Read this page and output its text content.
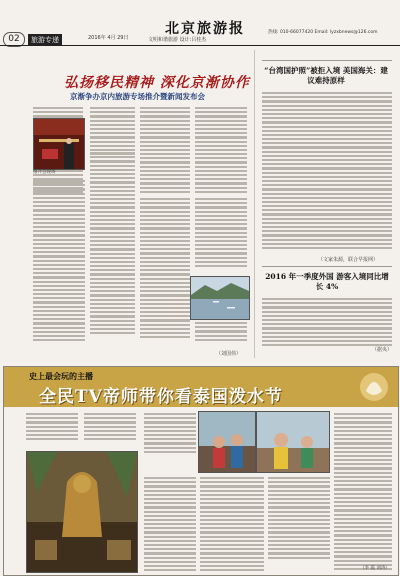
02	旅游专递	2016年 4月 29日
北京旅游报
文明和谐旅游 设计:吕桂杰
热线: 010-66077420 Email: lyzxbnews@126.com
弘扬移民精神 深化京渐协作
京渐争办京内旅游专场推介暨新闻发布会
推介会现场
（刘国伟）
“台湾国护照”被拒入境 美国海关：建议难持原样
（文家朱源，联合早报网）
2016 年一季度外国 游客入境同比增长 4%
（据央）
史上最会玩的主播
全民TV帝师带你看泰国泼水节
（李 霞 刘涛）
